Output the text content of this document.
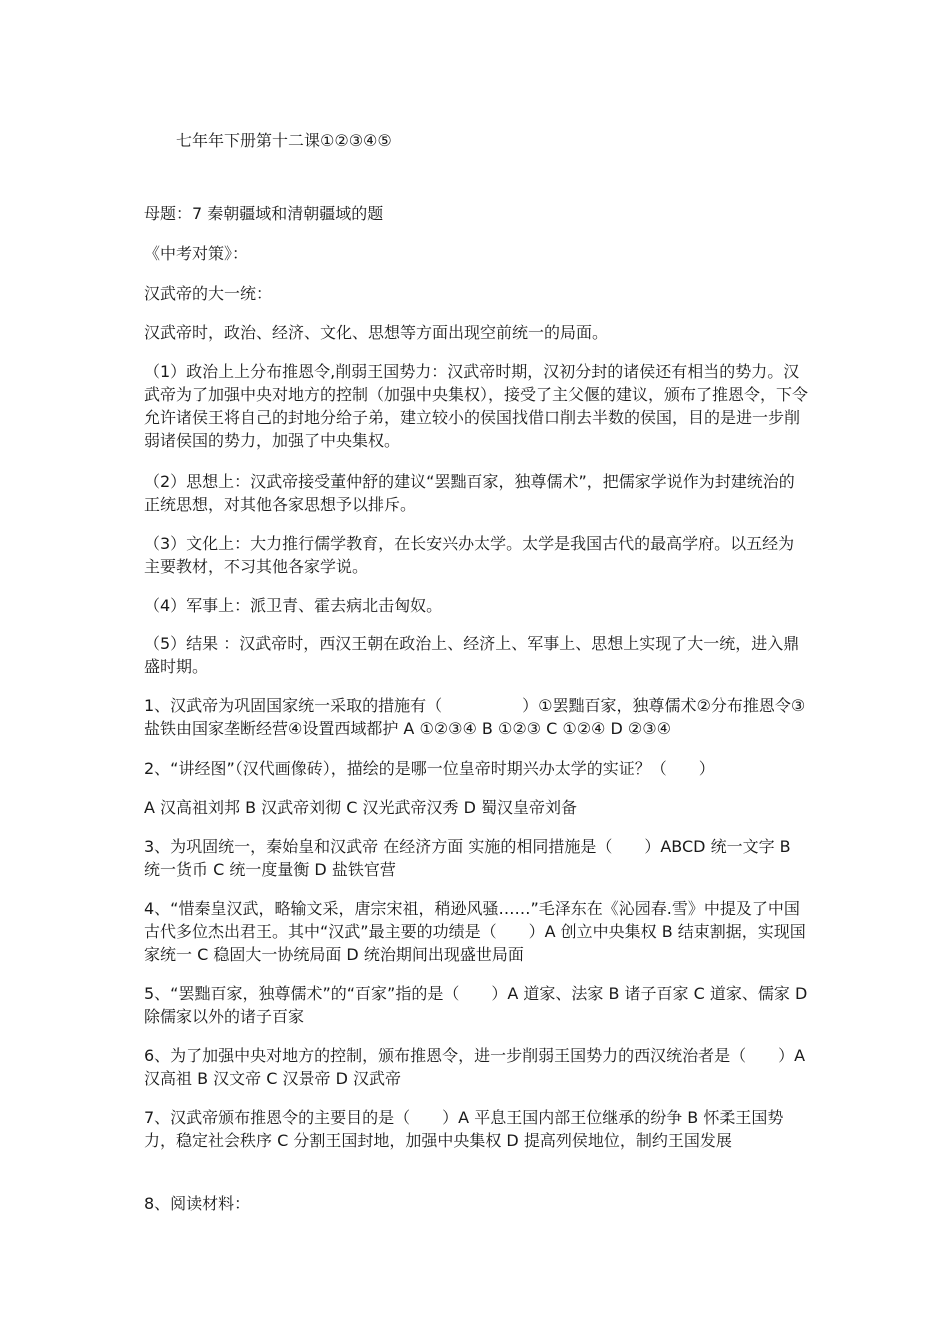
七年年下册第十二课①②③④⑤

母题：7 秦朝疆域和清朝疆域的题

《中考对策》：

汉武帝的大一统：

汉武帝时，政治、经济、文化、思想等方面出现空前统一的局面。

（1）政治上上分布推恩令,削弱王国势力：汉武帝时期，汉初分封的诸侯还有相当的势力。汉武帝为了加强中央对地方的控制（加强中央集权），接受了主父偃的建议，颁布了推恩令，下令允许诸侯王将自己的封地分给子弟，建立较小的侯国找借口削去半数的侯国，目的是进一步削弱诸侯国的势力，加强了中央集权。

（2）思想上：汉武帝接受董仲舒的建议“罢黜百家，独尊儒术”，把儒家学说作为封建统治的正统思想，对其他各家思想予以排斥。

（3）文化上：大力推行儒学教育，在长安兴办太学。太学是我国古代的最高学府。以五经为主要教材，不习其他各家学说。

（4）军事上：派卫青、霍去病北击匈奴。

（5）结果 ：汉武帝时，西汉王朝在政治上、经济上、军事上、思想上实现了大一统，进入鼎盛时期。

1、汉武帝为巩固国家统一采取的措施有（　　　　　）①罢黜百家，独尊儒术②分布推恩令③盐铁由国家垄断经营④设置西域都护 A ①②③④ B ①②③ C ①②④ D ②③④

2、“讲经图”（汉代画像砖），描绘的是哪一位皇帝时期兴办太学的实证？（　　）

A 汉高祖刘邦 B 汉武帝刘彻 C 汉光武帝汉秀 D 蜀汉皇帝刘备

3、为巩固统一，秦始皇和汉武帝 在经济方面 实施的相同措施是（　　）ABCD 统一文字 B 统一货币 C 统一度量衡 D 盐铁官营

4、“惜秦皇汉武，略输文采，唐宗宋祖，稍逊风骚……”毛泽东在《沁园春.雪》中提及了中国古代多位杰出君王。其中“汉武”最主要的功绩是（　　）A 创立中央集权 B 结束割据，实现国家统一 C 稳固大一协统局面 D 统治期间出现盛世局面

5、“罢黜百家，独尊儒术”的“百家”指的是（　　）A 道家、法家 B 诸子百家 C 道家、儒家 D 除儒家以外的诸子百家

6、为了加强中央对地方的控制，颁布推恩令，进一步削弱王国势力的西汉统治者是（　　）A 汉高祖 B 汉文帝 C 汉景帝 D 汉武帝

7、汉武帝颁布推恩令的主要目的是（　　）A 平息王国内部王位继承的纷争 B 怀柔王国势力，稳定社会秩序 C 分割王国封地，加强中央集权 D 提高列侯地位，制约王国发展

8、阅读材料：
